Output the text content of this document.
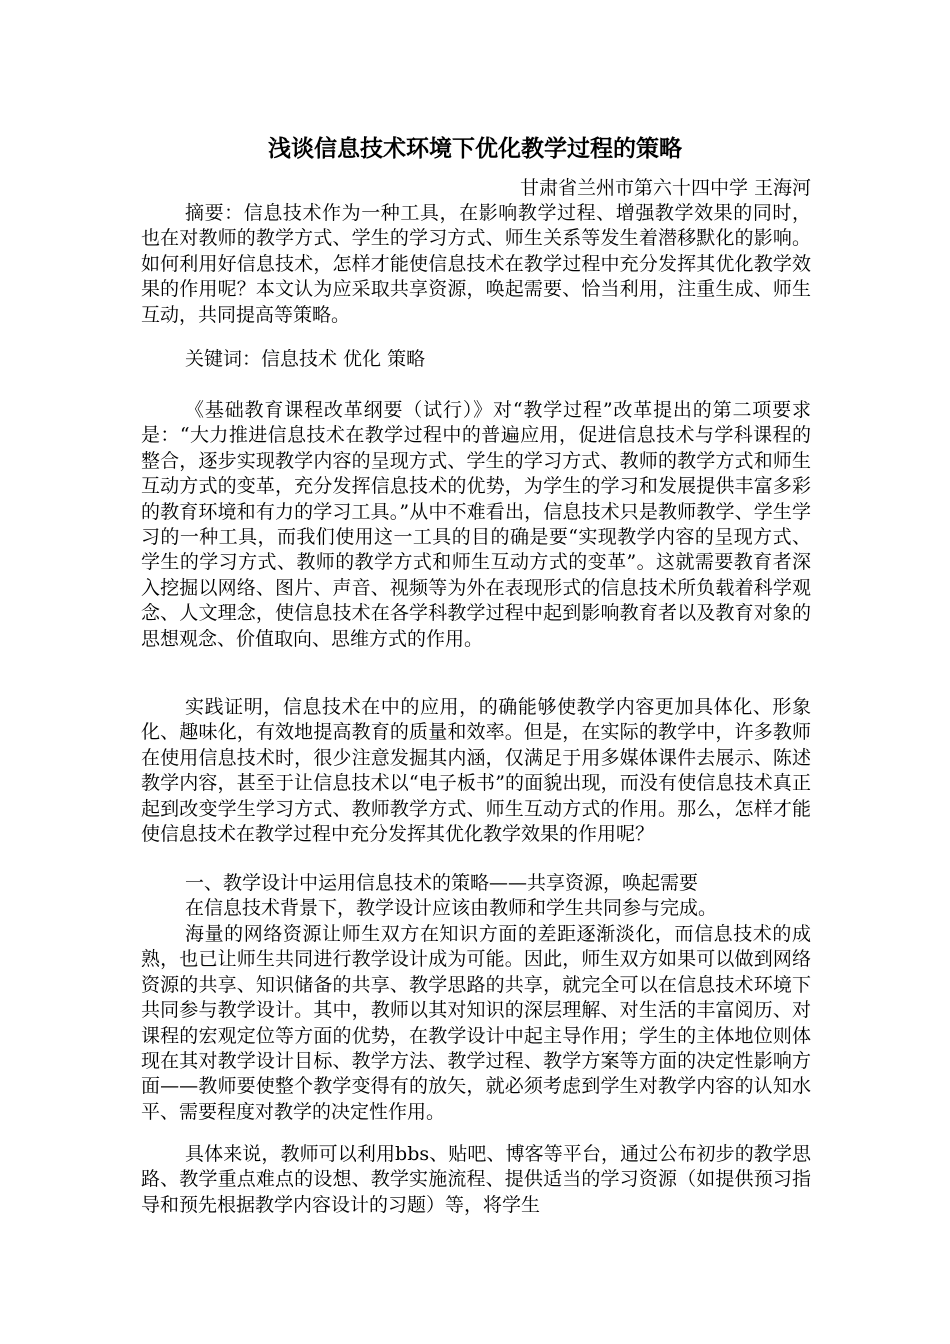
浅谈信息技术环境下优化教学过程的策略

甘肃省兰州市第六十四中学 王海河

摘要：信息技术作为一种工具，在影响教学过程、增强教学效果的同时，也在对教师的教学方式、学生的学习方式、师生关系等发生着潜移默化的影响。如何利用好信息技术，怎样才能使信息技术在教学过程中充分发挥其优化教学效果的作用呢？本文认为应采取共享资源，唤起需要、恰当利用，注重生成、师生互动，共同提高等策略。

关键词：信息技术 优化 策略

《基础教育课程改革纲要（试行）》对“教学过程”改革提出的第二项要求是：“大力推进信息技术在教学过程中的普遍应用，促进信息技术与学科课程的整合，逐步实现教学内容的呈现方式、学生的学习方式、教师的教学方式和师生互动方式的变革，充分发挥信息技术的优势，为学生的学习和发展提供丰富多彩的教育环境和有力的学习工具。”从中不难看出，信息技术只是教师教学、学生学习的一种工具，而我们使用这一工具的目的确是要“实现教学内容的呈现方式、学生的学习方式、教师的教学方式和师生互动方式的变革”。这就需要教育者深入挖掘以网络、图片、声音、视频等为外在表现形式的信息技术所负载着科学观念、人文理念，使信息技术在各学科教学过程中起到影响教育者以及教育对象的思想观念、价值取向、思维方式的作用。

实践证明，信息技术在中的应用，的确能够使教学内容更加具体化、形象化、趣味化，有效地提高教育的质量和效率。但是，在实际的教学中，许多教师在使用信息技术时，很少注意发掘其内涵，仅满足于用多媒体课件去展示、陈述教学内容，甚至于让信息技术以“电子板书”的面貌出现，而没有使信息技术真正起到改变学生学习方式、教师教学方式、师生互动方式的作用。那么，怎样才能使信息技术在教学过程中充分发挥其优化教学效果的作用呢？

一、教学设计中运用信息技术的策略——共享资源，唤起需要

在信息技术背景下，教学设计应该由教师和学生共同参与完成。

海量的网络资源让师生双方在知识方面的差距逐渐淡化，而信息技术的成熟，也已让师生共同进行教学设计成为可能。因此，师生双方如果可以做到网络资源的共享、知识储备的共享、教学思路的共享，就完全可以在信息技术环境下共同参与教学设计。其中，教师以其对知识的深层理解、对生活的丰富阅历、对课程的宏观定位等方面的优势，在教学设计中起主导作用；学生的主体地位则体现在其对教学设计目标、教学方法、教学过程、教学方案等方面的决定性影响方面——教师要使整个教学变得有的放矢，就必须考虑到学生对教学内容的认知水平、需要程度对教学的决定性作用。

具体来说，教师可以利用bbs、贴吧、博客等平台，通过公布初步的教学思路、教学重点难点的设想、教学实施流程、提供适当的学习资源（如提供预习指导和预先根据教学内容设计的习题）等，将学生
